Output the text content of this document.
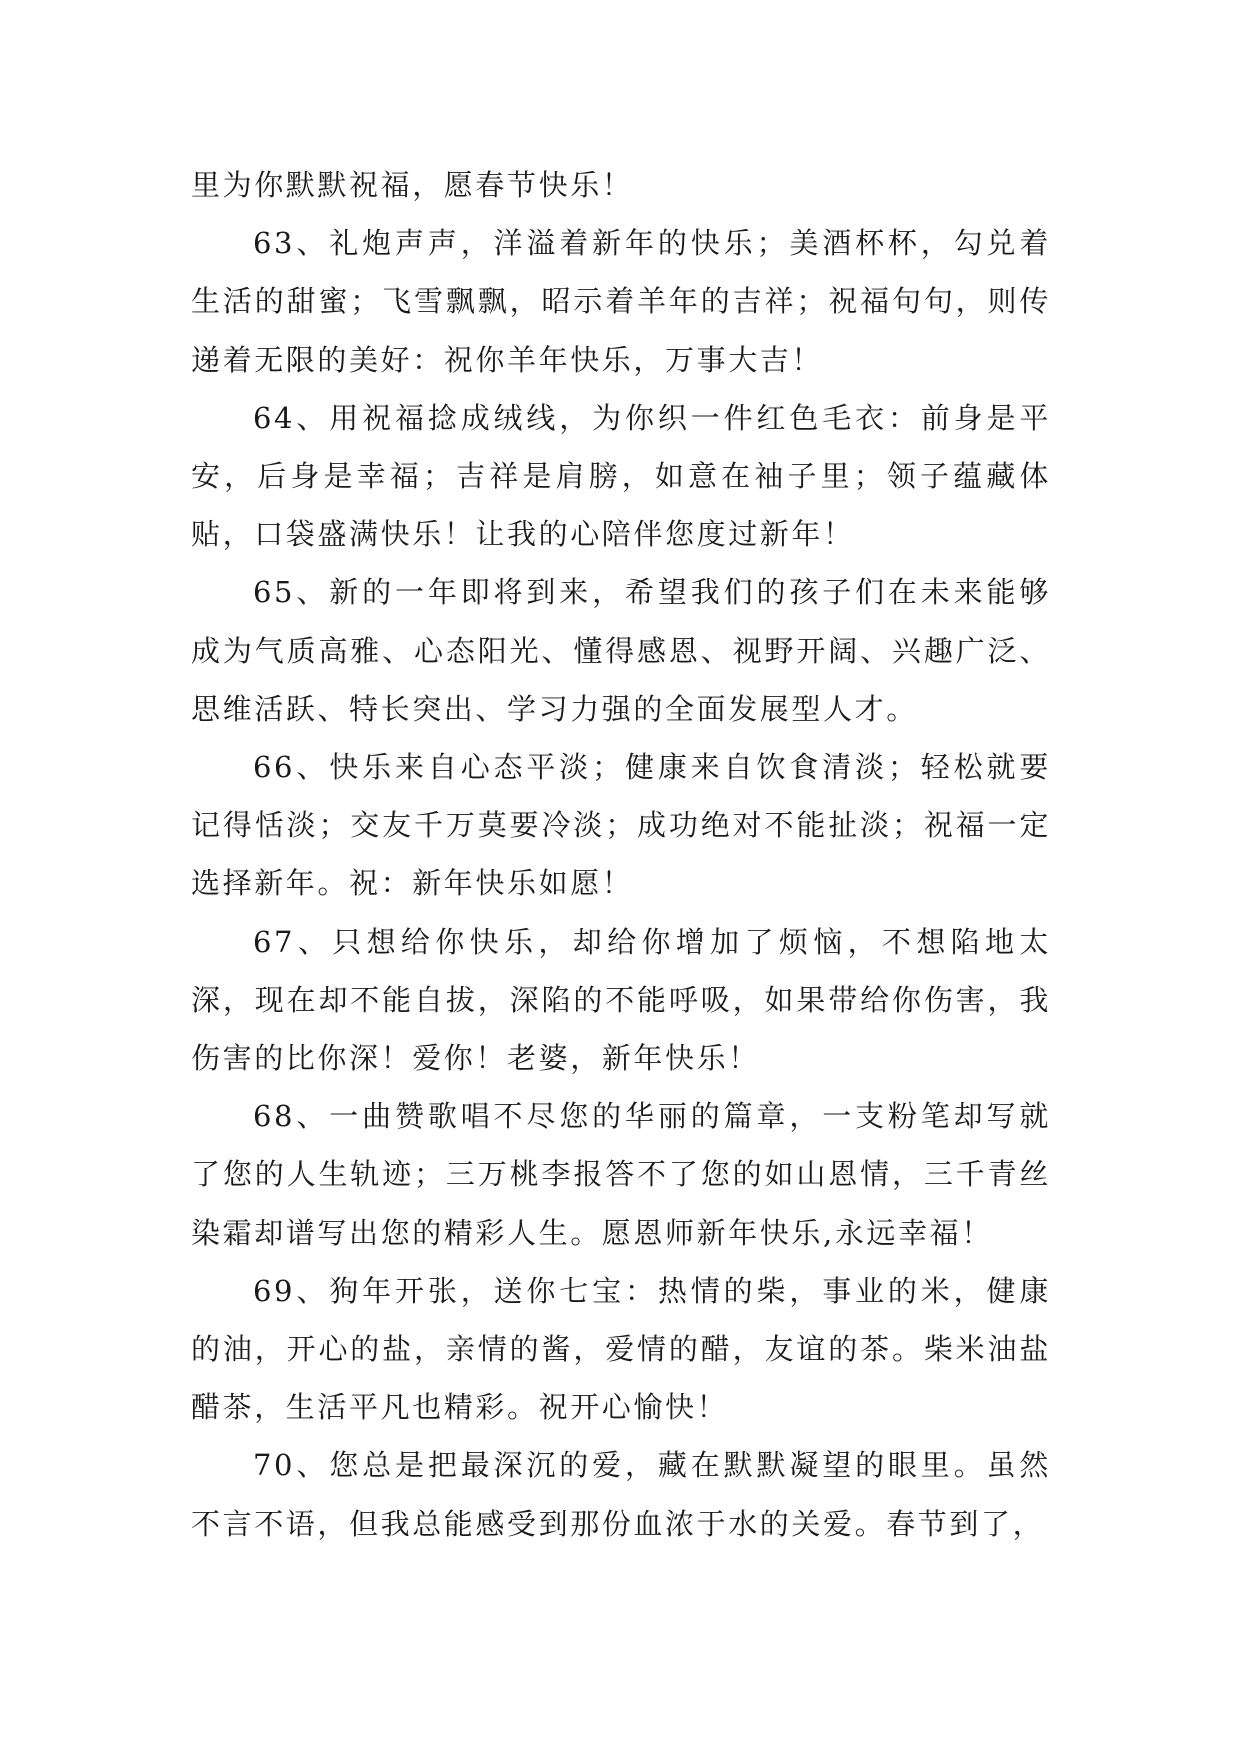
里为你默默祝福，愿春节快乐！

63、礼炮声声，洋溢着新年的快乐；美酒杯杯，勾兑着生活的甜蜜；飞雪飘飘，昭示着羊年的吉祥；祝福句句，则传递着无限的美好：祝你羊年快乐，万事大吉！

64、用祝福捻成绒线，为你织一件红色毛衣：前身是平安，后身是幸福；吉祥是肩膀，如意在袖子里；领子蕴藏体贴，口袋盛满快乐！让我的心陪伴您度过新年！

65、新的一年即将到来，希望我们的孩子们在未来能够成为气质高雅、心态阳光、懂得感恩、视野开阔、兴趣广泛、思维活跃、特长突出、学习力强的全面发展型人才。

66、快乐来自心态平淡；健康来自饮食清淡；轻松就要记得恬淡；交友千万莫要冷淡；成功绝对不能扯淡；祝福一定选择新年。祝：新年快乐如愿！

67、只想给你快乐，却给你增加了烦恼，不想陷地太深，现在却不能自拔，深陷的不能呼吸，如果带给你伤害，我伤害的比你深！爱你！老婆，新年快乐！

68、一曲赞歌唱不尽您的华丽的篇章，一支粉笔却写就了您的人生轨迹；三万桃李报答不了您的如山恩情，三千青丝染霜却谱写出您的精彩人生。愿恩师新年快乐,永远幸福！

69、狗年开张，送你七宝：热情的柴，事业的米，健康的油，开心的盐，亲情的酱，爱情的醋，友谊的茶。柴米油盐醋茶，生活平凡也精彩。祝开心愉快！

70、您总是把最深沉的爱，藏在默默凝望的眼里。虽然不言不语，但我总能感受到那份血浓于水的关爱。春节到了，
